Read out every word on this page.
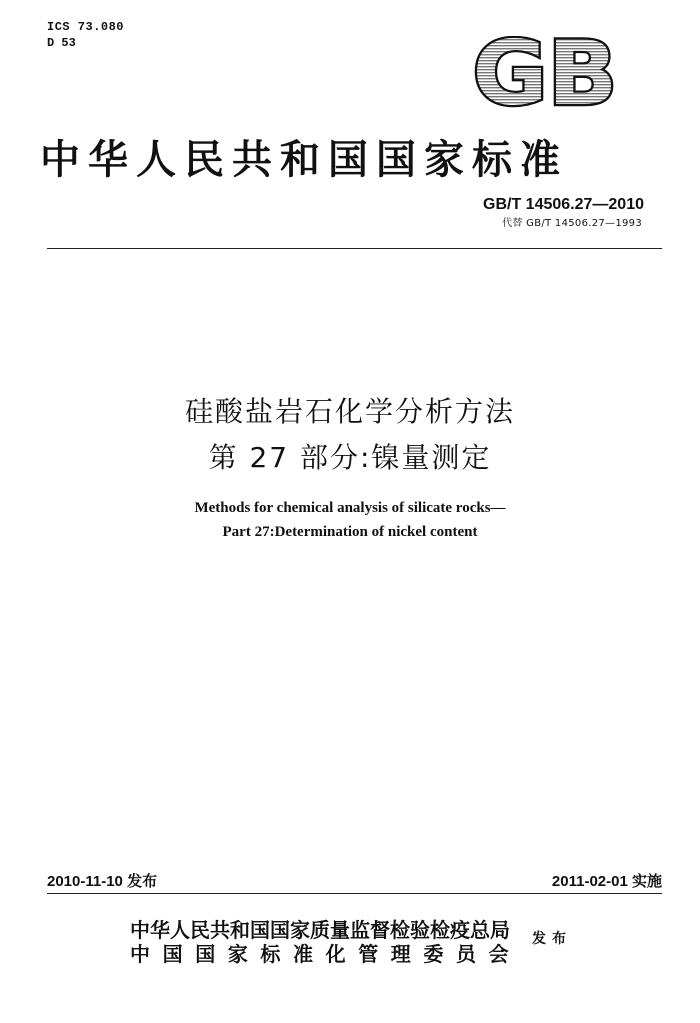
ICS 73.080
D 53	GB
中华人民共和国国家标准
GB/T 14506.27—2010
代替 GB/T 14506.27—1993
硅酸盐岩石化学分析方法
第 27 部分:镍量测定
Methods for chemical analysis of silicate rocks—
Part 27:Determination of nickel content
2010-11-10 发布	2011-02-01 实施
中华人民共和国国家质量监督检验检疫总局
中国国家标准化管理委员会
发布
